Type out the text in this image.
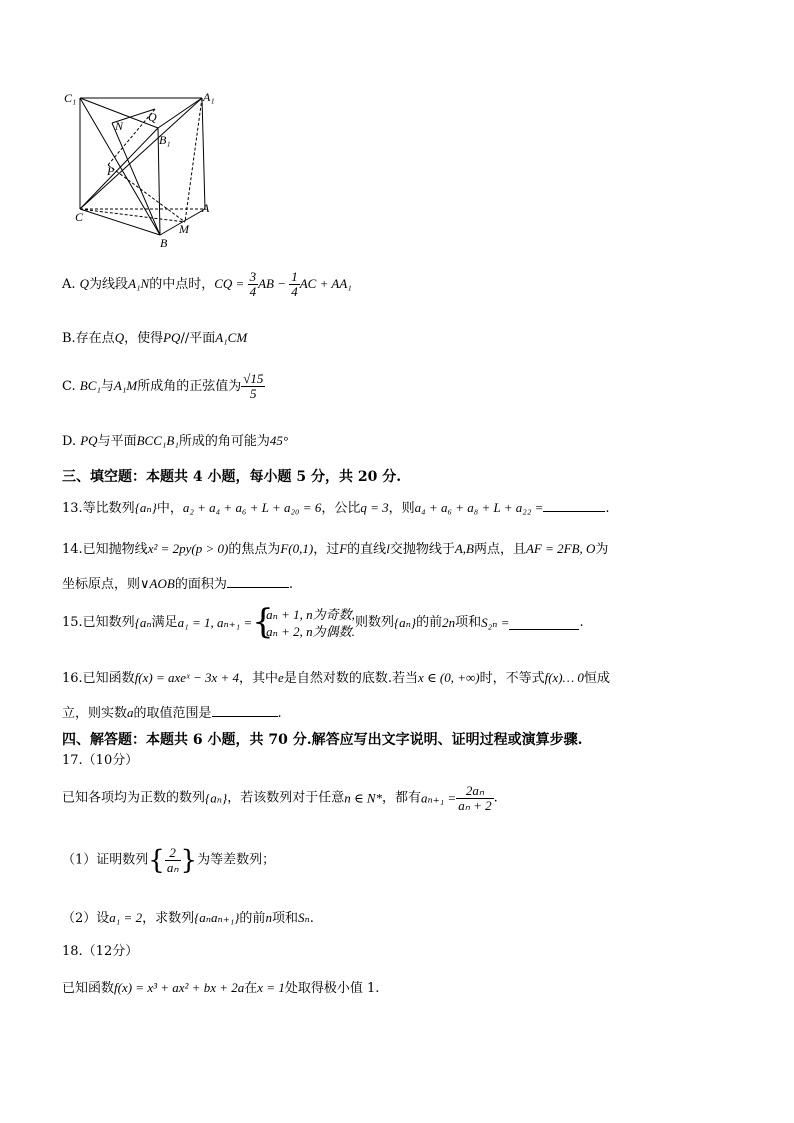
C₁	A₁
N
Q
B₁
P
C
A
M
B
A. Q为线段A₁N的中点时，CQ = $\frac{3}{4}$ AB − $\frac{1}{4}$ AC + AA₁
B.存在点Q，使得PQ//平面A₁CM
C. BC₁与A₁M所成角的正弦值为 $\frac{√15}{5}$
D. PQ与平面BCC₁B₁所成的角可能为45°
三、填空题：本题共 4 小题，每小题 5 分，共 20 分.
13.等比数列{aₙ}中，a₂ + a₄ + a₆ + L + a₂₀ = 6，公比q = 3，则a₄ + a₆ + a₈ + L + a₂₂ =	.
14.已知抛物线x² = 2py(p > 0)的焦点为F(0,1)，过F的直线l交抛物线于A,B两点，且AF = 2FB, O为
坐标原点，则∨AOB的面积为	.
15.已知数列{aₙ满足a₁ = 1, aₙ₊₁ = {
aₙ + 1, n为奇数,
aₙ + 2, n为偶数.
则数列{aₙ}的前2n项和S₂ₙ =	.
16.已知函数f(x) = axeˣ − 3x + 4，其中e是自然对数的底数.若当x ∈ (0, +∞)时，不等式f(x)… 0恒成
立，则实数a的取值范围是	.
四、解答题：本题共 6 小题，共 70 分.解答应写出文字说明、证明过程或演算步骤.
17.（10分）
已知各项均为正数的数列{aₙ}，若该数列对于任意n ∈ N*，都有$a_{n+1} = \frac{\text{2aₙ}}{\text{aₙ + 2}}$ .
（1）证明数列{ $\frac{2}{\text{aₙ}}$ }为等差数列；
（2）设a₁ = 2，求数列{aₙaₙ₊₁}的前n项和Sₙ.
18.（12分）
已知函数f(x) = x³ + ax² + bx + 2a在x = 1处取得极小值 1.
